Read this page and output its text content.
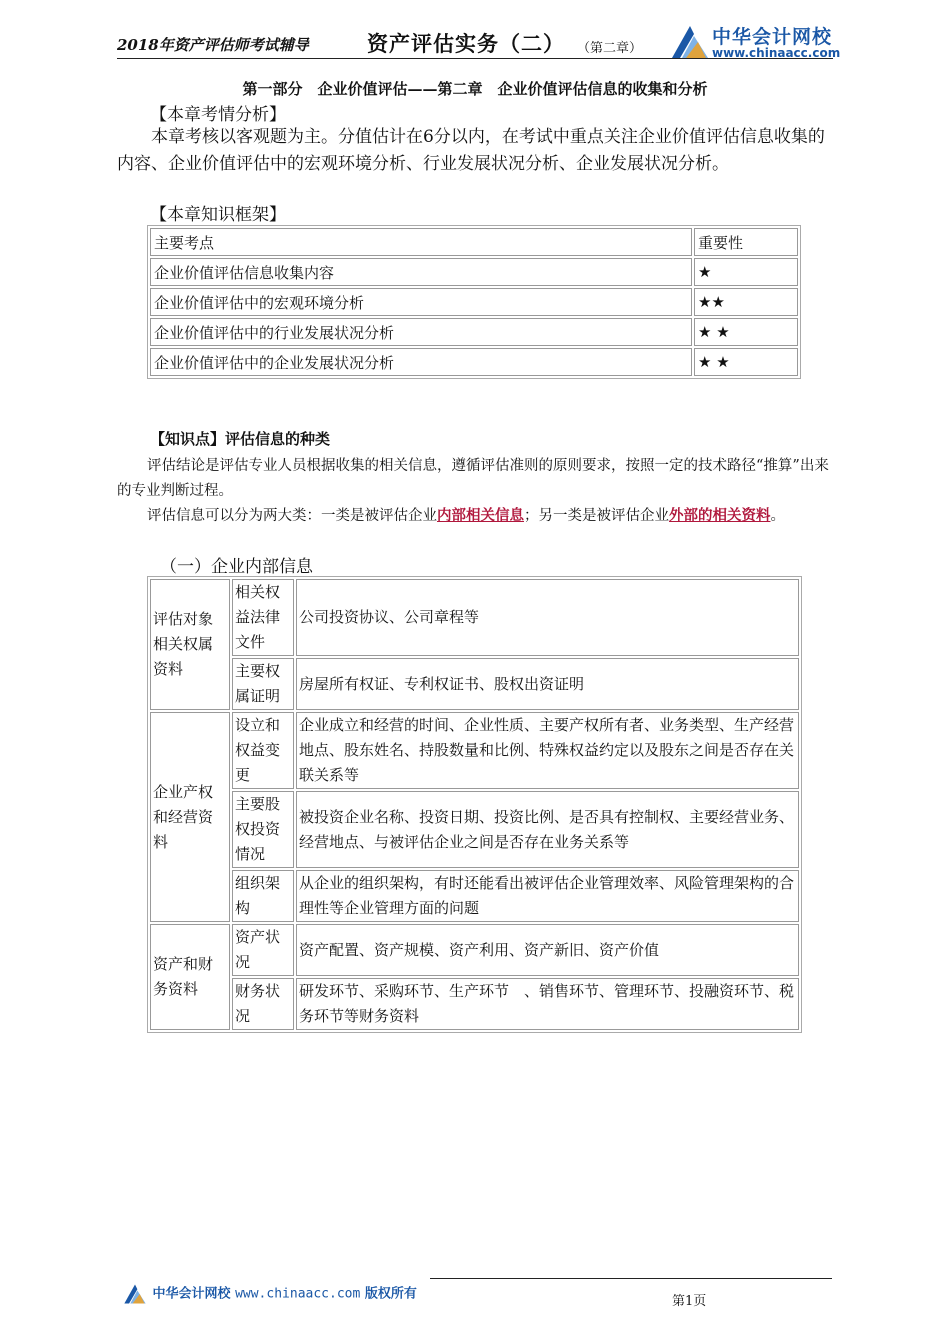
2018年资产评估师考试辅导	资产评估实务（二） （第二章）
中华会计网校
www.chinaacc.com
第一部分　企业价值评估——第二章　企业价值评估信息的收集和分析
【本章考情分析】

本章考核以客观题为主。分值估计在6分以内，在考试中重点关注企业价值评估信息收集的内容、企业价值评估中的宏观环境分析、行业发展状况分析、企业发展状况分析。

【本章知识框架】
主要考点	重要性
企业价值评估信息收集内容	★
企业价值评估中的宏观环境分析	★★
企业价值评估中的行业发展状况分析	★ ★
企业价值评估中的企业发展状况分析	★ ★
【知识点】评估信息的种类

评估结论是评估专业人员根据收集的相关信息，遵循评估准则的原则要求，按照一定的技术路径“推算”出来的专业判断过程。

评估信息可以分为两大类：一类是被评估企业内部相关信息；另一类是被评估企业外部的相关资料。

（一）企业内部信息
评估对象相关权属资料	相关权益法律文件	公司投资协议、公司章程等
	主要权属证明	房屋所有权证、专利权证书、股权出资证明
企业产权和经营资料	设立和权益变更	企业成立和经营的时间、企业性质、主要产权所有者、业务类型、生产经营地点、股东姓名、持股数量和比例、特殊权益约定以及股东之间是否存在关联关系等
	主要股权投资情况	被投资企业名称、投资日期、投资比例、是否具有控制权、主要经营业务、经营地点、与被评估企业之间是否存在业务关系等
	组织架构	从企业的组织架构，有时还能看出被评估企业管理效率、风险管理架构的合理性等企业管理方面的问题
资产和财务资料	资产状况	资产配置、资产规模、资产利用、资产新旧、资产价值
	财务状况	研发环节、采购环节、生产环节　、销售环节、管理环节、投融资环节、税务环节等财务资料
中华会计网校 www.chinaacc.com 版权所有	第1页
